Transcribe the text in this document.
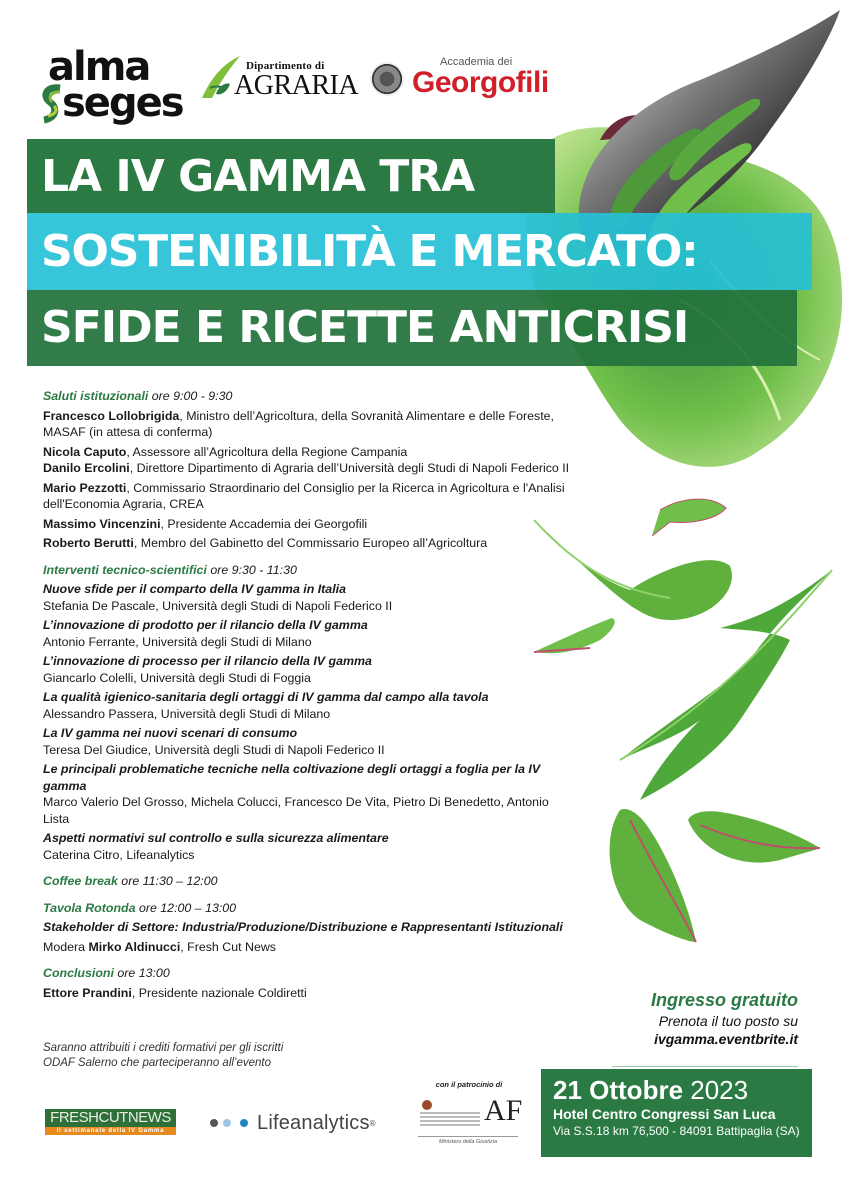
alma
seges
Dipartimento di
AGRARIA
Accademia dei
Georgofili
LA IV GAMMA TRA
SOSTENIBILITÀ E MERCATO:
SFIDE E RICETTE ANTICRISI
Saluti istituzionali ore 9:00 - 9:30
Francesco Lollobrigida, Ministro dell’Agricoltura, della Sovranità Alimentare e delle Foreste, MASAF (in attesa di conferma)
Nicola Caputo, Assessore all’Agricoltura della Regione Campania
Danilo Ercolini, Direttore Dipartimento di Agraria dell’Università degli Studi di Napoli Federico II
Mario Pezzotti, Commissario Straordinario del Consiglio per la Ricerca in Agricoltura e l'Analisi dell'Economia Agraria, CREA
Massimo Vincenzini, Presidente Accademia dei Georgofili
Roberto Berutti, Membro del Gabinetto del Commissario Europeo all’Agricoltura
Interventi tecnico-scientifici ore 9:30 - 11:30
Nuove sfide per il comparto della IV gamma in Italia
Stefania De Pascale, Università degli Studi di Napoli Federico II
L’innovazione di prodotto per il rilancio della IV gamma
Antonio Ferrante, Università degli Studi di Milano
L’innovazione di processo per il rilancio della IV gamma
Giancarlo Colelli, Università degli Studi di Foggia
La qualità igienico-sanitaria degli ortaggi di IV gamma dal campo alla tavola
Alessandro Passera, Università degli Studi di Milano
La IV gamma nei nuovi scenari di consumo
Teresa Del Giudice, Università degli Studi di Napoli Federico II
Le principali problematiche tecniche nella coltivazione degli ortaggi a foglia per la IV gamma
Marco Valerio Del Grosso, Michela Colucci, Francesco De Vita, Pietro Di Benedetto, Antonio Lista
Aspetti normativi sul controllo e sulla sicurezza alimentare
Caterina Citro, Lifeanalytics
Coffee break ore 11:30 – 12:00
Tavola Rotonda ore 12:00 – 13:00
Stakeholder di Settore: Industria/Produzione/Distribuzione e Rappresentanti Istituzionali
Modera Mirko Aldinucci, Fresh Cut News
Conclusioni ore 13:00
Ettore Prandini, Presidente nazionale Coldiretti
Saranno attribuiti i crediti formativi per gli iscritti
ODAF Salerno che parteciperanno all’evento
Ingresso gratuito
Prenota il tuo posto su
ivgamma.eventbrite.it
21 Ottobre 2023
Hotel Centro Congressi San Luca
Via S.S.18 km 76,500 - 84091 Battipaglia (SA)
FRESHCUTNEWS
il settimanale della IV Gamma	Lifeanalytics ®
con il patrocinio di
AF
Ministero della Giustizia
